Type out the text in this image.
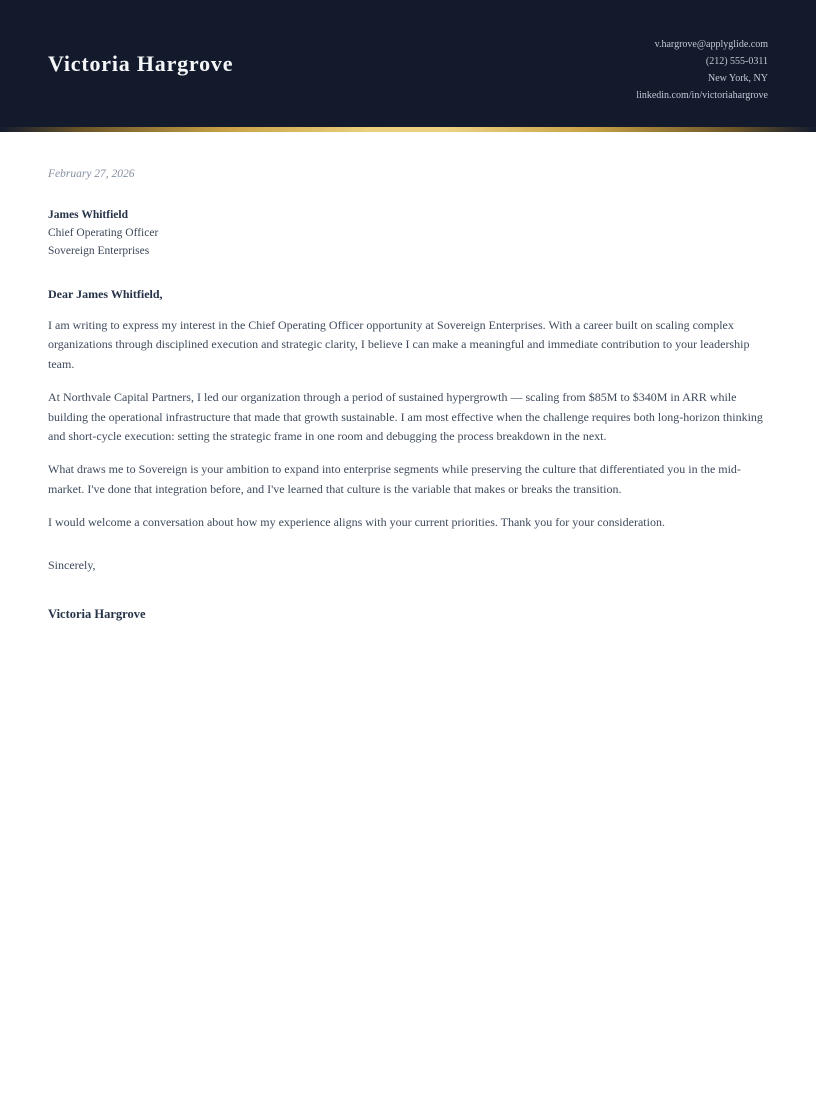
Victoria Hargrove
v.hargrove@applyglide.com
(212) 555-0311
New York, NY
linkedin.com/in/victoriahargrove
February 27, 2026
James Whitfield
Chief Operating Officer
Sovereign Enterprises
Dear James Whitfield,

I am writing to express my interest in the Chief Operating Officer opportunity at Sovereign Enterprises. With a career built on scaling complex organizations through disciplined execution and strategic clarity, I believe I can make a meaningful and immediate contribution to your leadership team.

At Northvale Capital Partners, I led our organization through a period of sustained hypergrowth — scaling from $85M to $340M in ARR while building the operational infrastructure that made that growth sustainable. I am most effective when the challenge requires both long-horizon thinking and short-cycle execution: setting the strategic frame in one room and debugging the process breakdown in the next.

What draws me to Sovereign is your ambition to expand into enterprise segments while preserving the culture that differentiated you in the mid-market. I've done that integration before, and I've learned that culture is the variable that makes or breaks the transition.

I would welcome a conversation about how my experience aligns with your current priorities. Thank you for your consideration.

Sincerely,
Victoria Hargrove
